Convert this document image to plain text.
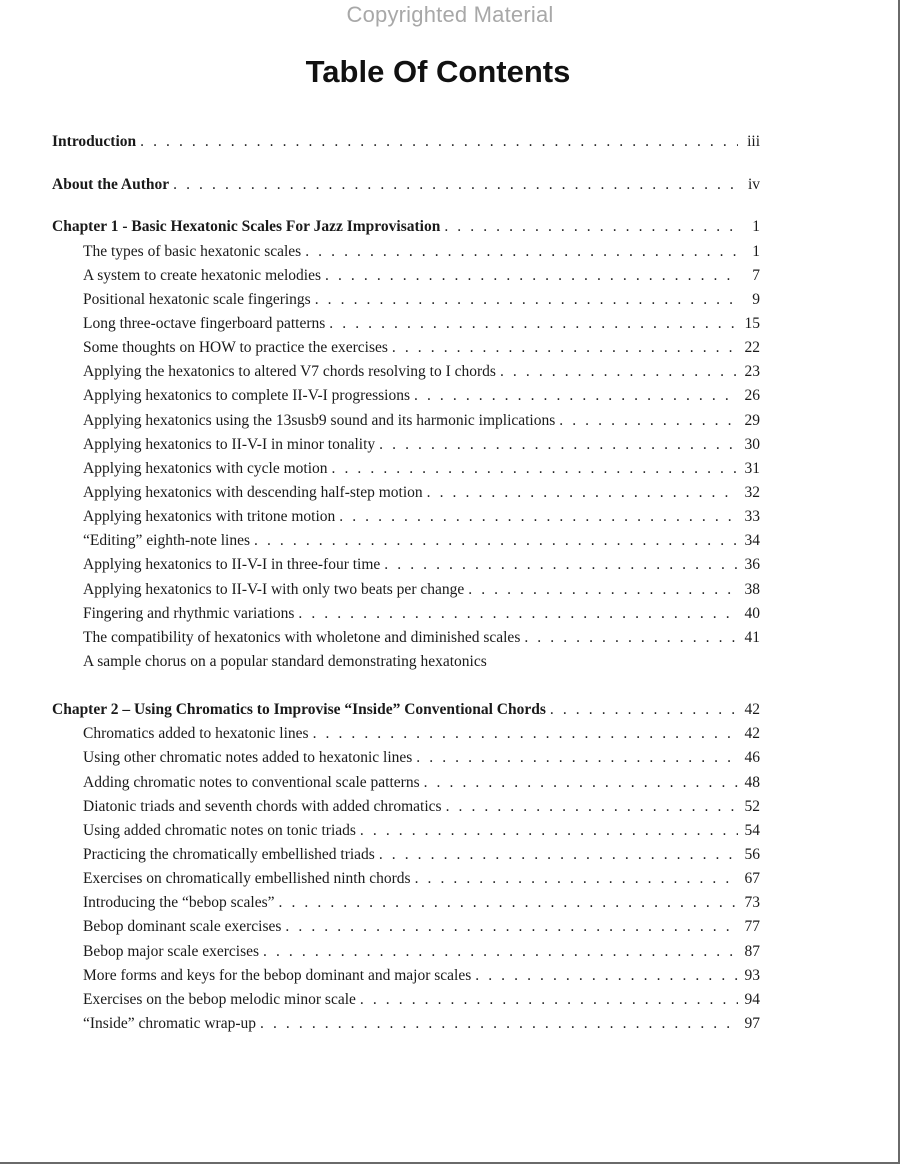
Copyrighted Material
Table Of Contents
Introduction . . .	iii
About the Author . . .	iv
Chapter 1 - Basic Hexatonic Scales For Jazz Improvisation . . .	1
The types of basic hexatonic scales . . .	1
A system to create hexatonic melodies . . .	7
Positional hexatonic scale fingerings . . .	9
Long three-octave fingerboard patterns . . .	15
Some thoughts on HOW to practice the exercises . . .	22
Applying the hexatonics to altered V7 chords resolving to I chords . . .	23
Applying hexatonics to complete II-V-I progressions . . .	26
Applying hexatonics using the 13susb9 sound and its harmonic implications . . .	29
Applying hexatonics to II-V-I in minor tonality . . .	30
Applying hexatonics with cycle motion . . .	31
Applying hexatonics with descending half-step motion . . .	32
Applying hexatonics with tritone motion . . .	33
“Editing” eighth-note lines . . .	34
Applying hexatonics to II-V-I in three-four time . . .	36
Applying hexatonics to II-V-I with only two beats per change . . .	38
Fingering and rhythmic variations . . .	40
The compatibility of hexatonics with wholetone and diminished scales . . .	41
A sample chorus on a popular standard demonstrating hexatonics
Chapter 2 – Using Chromatics to Improvise “Inside” Conventional Chords . . .	42
Chromatics added to hexatonic lines . . .	42
Using other chromatic notes added to hexatonic lines . . .	46
Adding chromatic notes to conventional scale patterns . . .	48
Diatonic triads and seventh chords with added chromatics . . .	52
Using added chromatic notes on tonic triads . . .	54
Practicing the chromatically embellished triads . . .	56
Exercises on chromatically embellished ninth chords . . .	67
Introducing the “bebop scales” . . .	73
Bebop dominant scale exercises . . .	77
Bebop major scale exercises . . .	87
More forms and keys for the bebop dominant and major scales . . .	93
Exercises on the bebop melodic minor scale . . .	94
“Inside” chromatic wrap-up . . .	97
